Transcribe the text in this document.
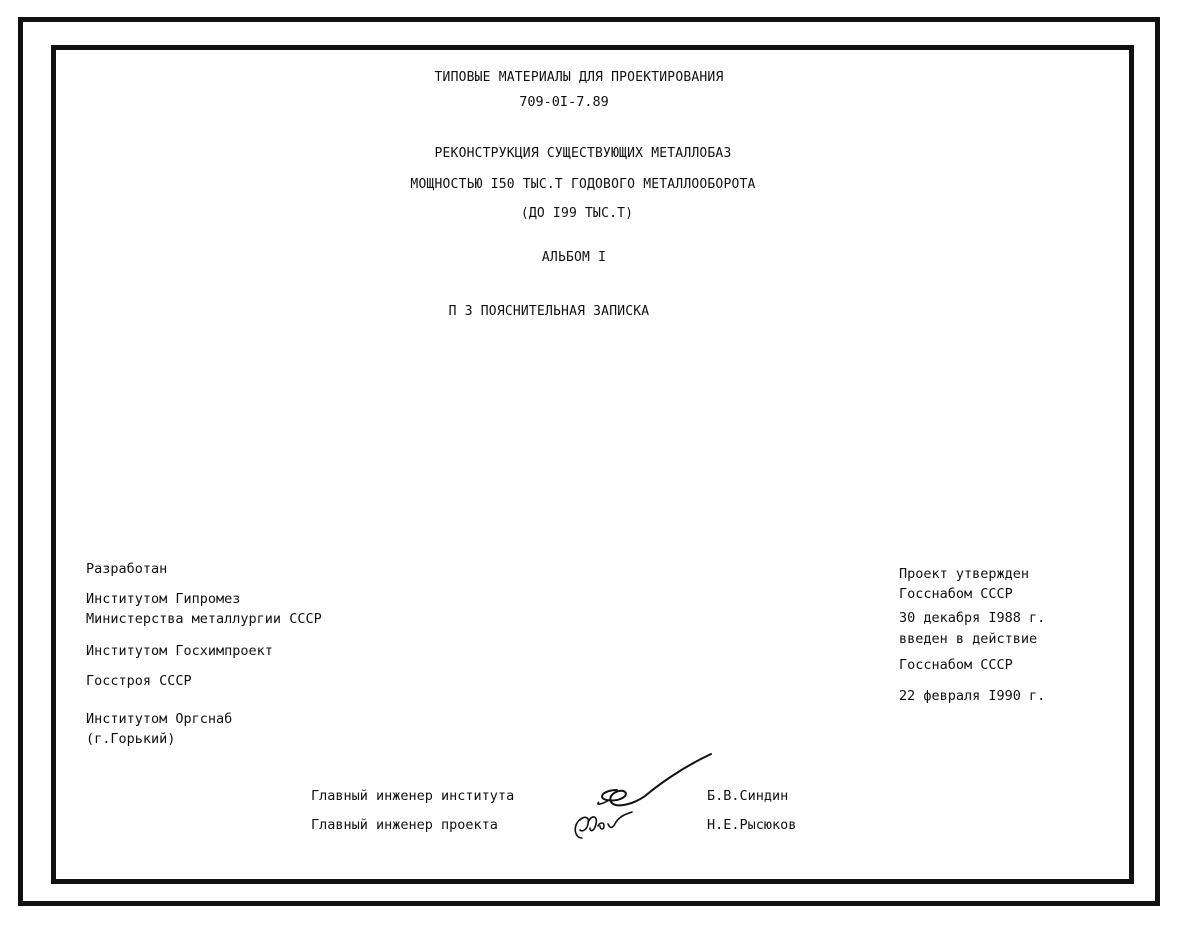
ТИПОВЫЕ МАТЕРИАЛЫ ДЛЯ ПРОЕКТИРОВАНИЯ
709-0I-7.89
РЕКОНСТРУКЦИЯ СУЩЕСТВУЮЩИХ МЕТАЛЛОБАЗ
МОЩНОСТЬЮ I50 ТЫС.Т ГОДОВОГО МЕТАЛЛООБОРОТА
(ДО I99 ТЫС.Т)
АЛЬБОМ I
П З ПОЯСНИТЕЛЬНАЯ ЗАПИСКА
Разработан
Институтом Гипромез
Министерства металлургии СССР
Институтом Госхимпроект
Госстроя СССР
Институтом Оргснаб
(г.Горький)
Проект утвержден
Госснабом СССР
30 декабря I988 г.
введен в действие
Госснабом СССР
22 февраля I990 г.
Главный инженер института	Б.В.Синдин
Главный инженер проекта	Н.Е.Рысюков
